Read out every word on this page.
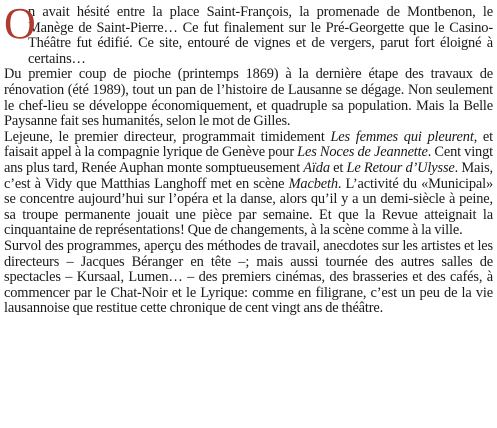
O

n avait hésité entre la place Saint-François, la promenade de Montbenon, le Manège de Saint-Pierre… Ce fut finalement sur le Pré-Georgette que le Casino-Théâtre fut édifié. Ce site, entouré de vignes et de vergers, parut fort éloigné à certains…

Du premier coup de pioche (printemps 1869) à la dernière étape des travaux de rénovation (été 1989), tout un pan de l’histoire de Lausanne se dégage. Non seulement le chef-lieu se développe économiquement, et quadruple sa population. Mais la Belle Paysanne fait ses humanités, selon le mot de Gilles.

Lejeune, le premier directeur, programmait timidement Les femmes qui pleurent, et faisait appel à la compagnie lyrique de Genève pour Les Noces de Jeannette. Cent vingt ans plus tard, Renée Auphan monte somptueusement Aïda et Le Retour d’Ulysse. Mais, c’est à Vidy que Matthias Langhoff met en scène Macbeth. L’activité du «Municipal» se concentre aujourd’hui sur l’opéra et la danse, alors qu’il y a un demi-siècle à peine, sa troupe permanente jouait une pièce par semaine. Et que la Revue atteignait la cinquantaine de représentations! Que de changements, à la scène comme à la ville.

Survol des programmes, aperçu des méthodes de travail, anecdotes sur les artistes et les directeurs – Jacques Béranger en tête –; mais aussi tournée des autres salles de spectacles – Kursaal, Lumen… – des premiers cinémas, des brasseries et des cafés, à commencer par le Chat-Noir et le Lyrique: comme en filigrane, c’est un peu de la vie lausannoise que restitue cette chronique de cent vingt ans de théâtre.
